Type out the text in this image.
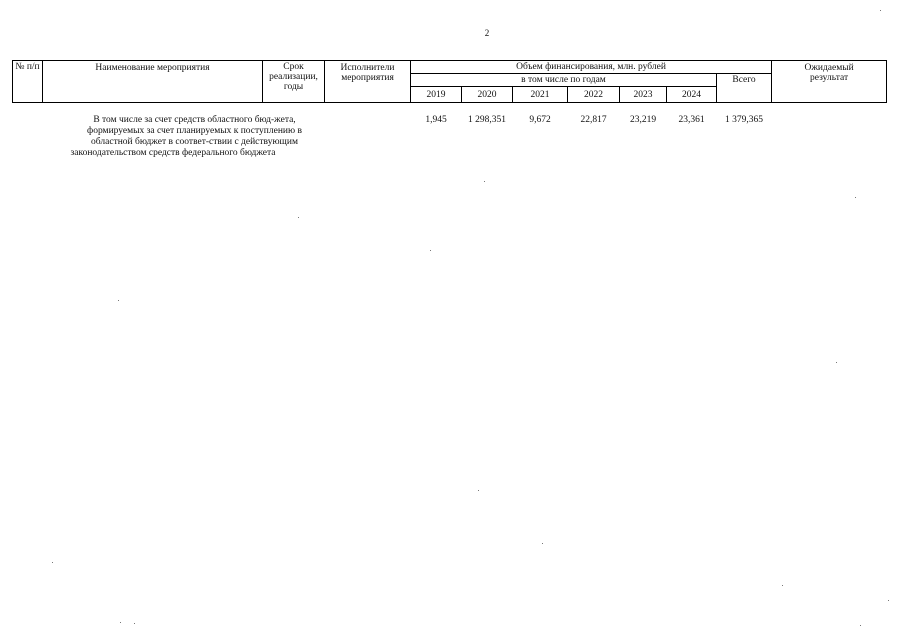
2
№ п/п	Наименование мероприятия	Срок реализации, годы	Исполнители мероприятия	Объем финансирования, млн. рублей							Ожидаемый результат
				в том числе по годам						Всего	
				2019	2020	2021	2022	2023	2024		

	В том числе за счет средств областного бюд-жета, формируемых за счет планируемых к поступлению в областной бюджет в соответ-ствии с действующим законодательством средств федерального бюджета			1,945	1 298,351	9,672	22,817	23,219	23,361	1 379,365	
